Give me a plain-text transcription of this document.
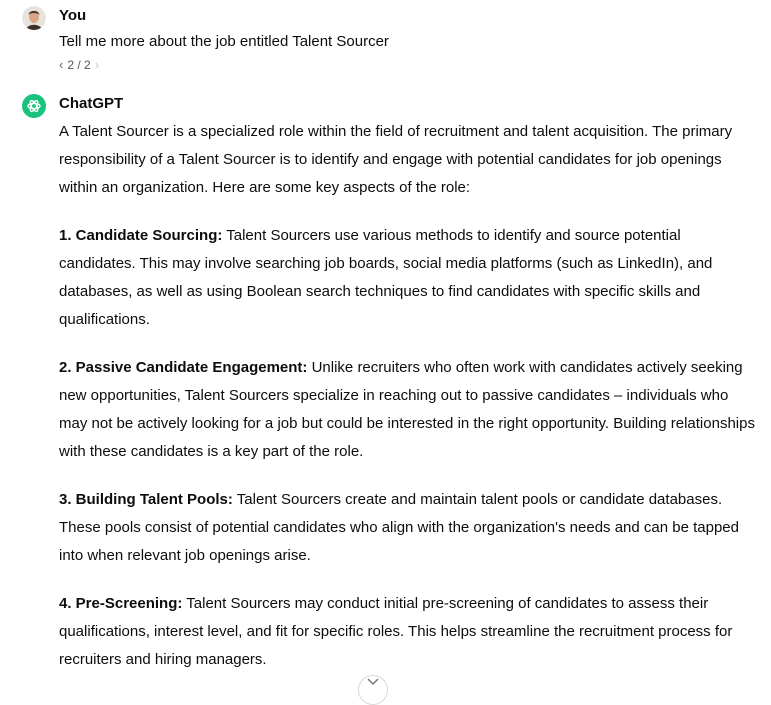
You
Tell me more about the job entitled Talent Sourcer
‹ 2 / 2 ›
ChatGPT

A Talent Sourcer is a specialized role within the field of recruitment and talent acquisition. The primary responsibility of a Talent Sourcer is to identify and engage with potential candidates for job openings within an organization. Here are some key aspects of the role:

1. Candidate Sourcing: Talent Sourcers use various methods to identify and source potential candidates. This may involve searching job boards, social media platforms (such as LinkedIn), and databases, as well as using Boolean search techniques to find candidates with specific skills and qualifications.

2. Passive Candidate Engagement: Unlike recruiters who often work with candidates actively seeking new opportunities, Talent Sourcers specialize in reaching out to passive candidates – individuals who may not be actively looking for a job but could be interested in the right opportunity. Building relationships with these candidates is a key part of the role.

3. Building Talent Pools: Talent Sourcers create and maintain talent pools or candidate databases. These pools consist of potential candidates who align with the organization's needs and can be tapped into when relevant job openings arise.

4. Pre-Screening: Talent Sourcers may conduct initial pre-screening of candidates to assess their qualifications, interest level, and fit for specific roles. This helps streamline the recruitment process for recruiters and hiring managers.
